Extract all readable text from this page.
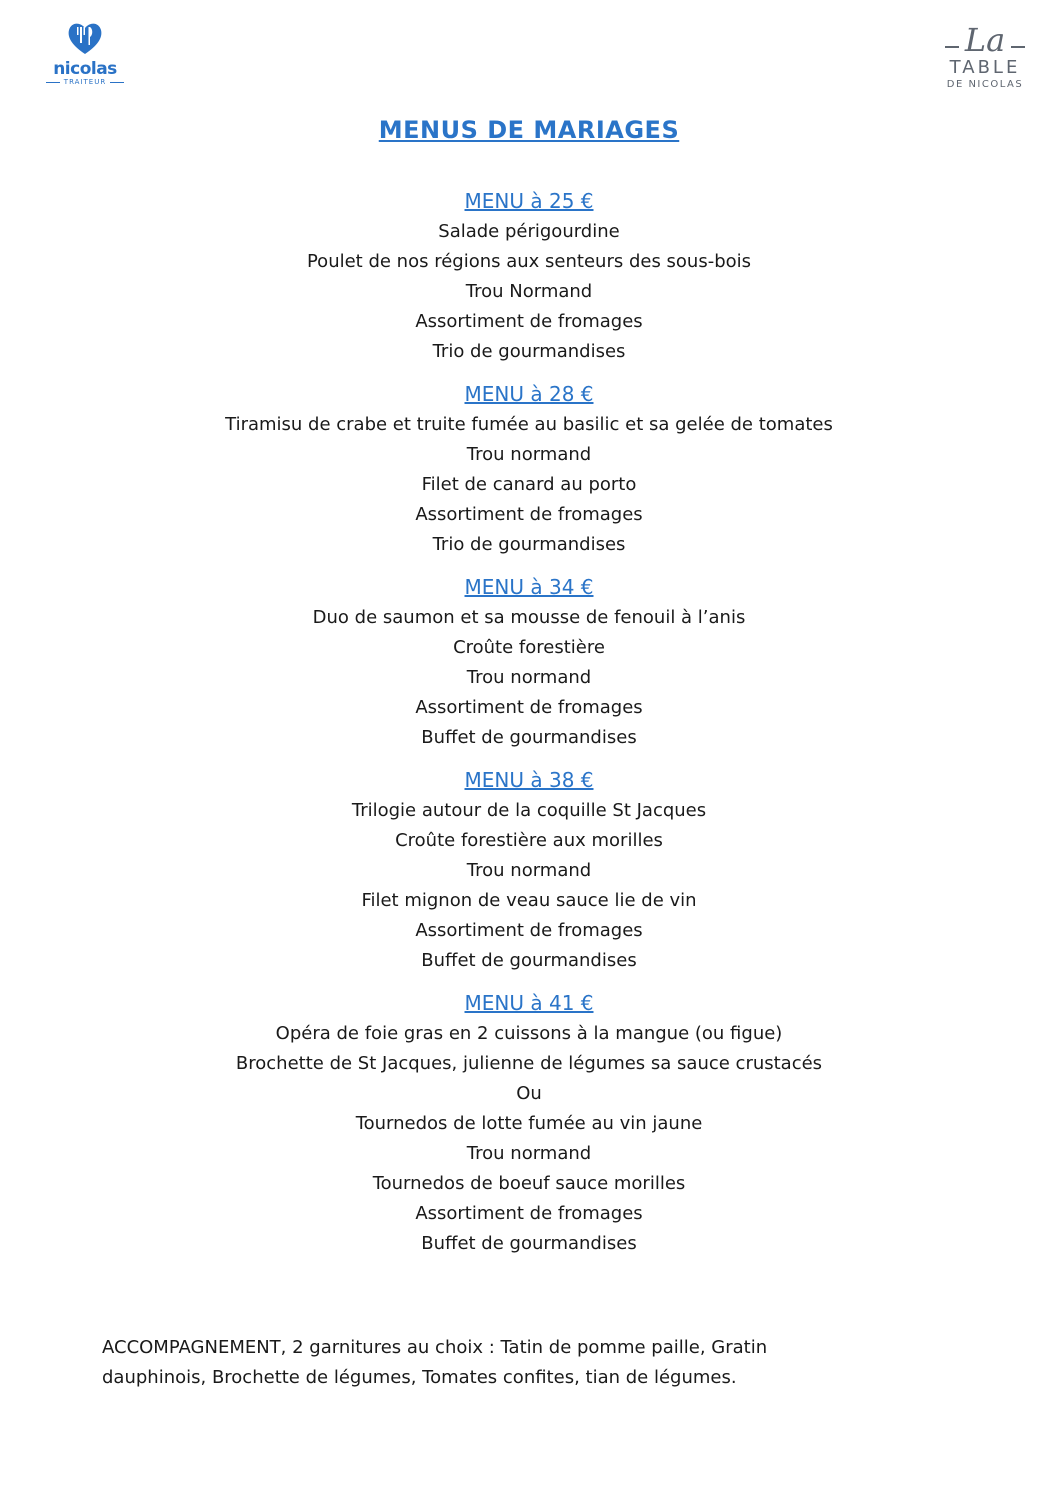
nicolas
TRAITEUR
La
TABLE
DE NICOLAS
MENUS DE MARIAGES
MENU à 25 €
Salade périgourdine
Poulet de nos régions aux senteurs des sous-bois
Trou Normand
Assortiment de fromages
Trio de gourmandises
MENU à 28 €
Tiramisu de crabe et truite fumée au basilic et sa gelée de tomates
Trou normand
Filet de canard au porto
Assortiment de fromages
Trio de gourmandises
MENU à 34 €
Duo de saumon et sa mousse de fenouil à l’anis
Croûte forestière
Trou normand
Assortiment de fromages
Buffet de gourmandises
MENU à 38 €
Trilogie autour de la coquille St Jacques
Croûte forestière aux morilles
Trou normand
Filet mignon de veau sauce lie de vin
Assortiment de fromages
Buffet de gourmandises
MENU à 41 €
Opéra de foie gras en 2 cuissons à la mangue (ou figue)
Brochette de St Jacques, julienne de légumes sa sauce crustacés
Ou
Tournedos de lotte fumée au vin jaune
Trou normand
Tournedos de boeuf sauce morilles
Assortiment de fromages
Buffet de gourmandises
ACCOMPAGNEMENT, 2 garnitures au choix : Tatin de pomme paille, Gratin
dauphinois, Brochette de légumes, Tomates confites, tian de légumes.
